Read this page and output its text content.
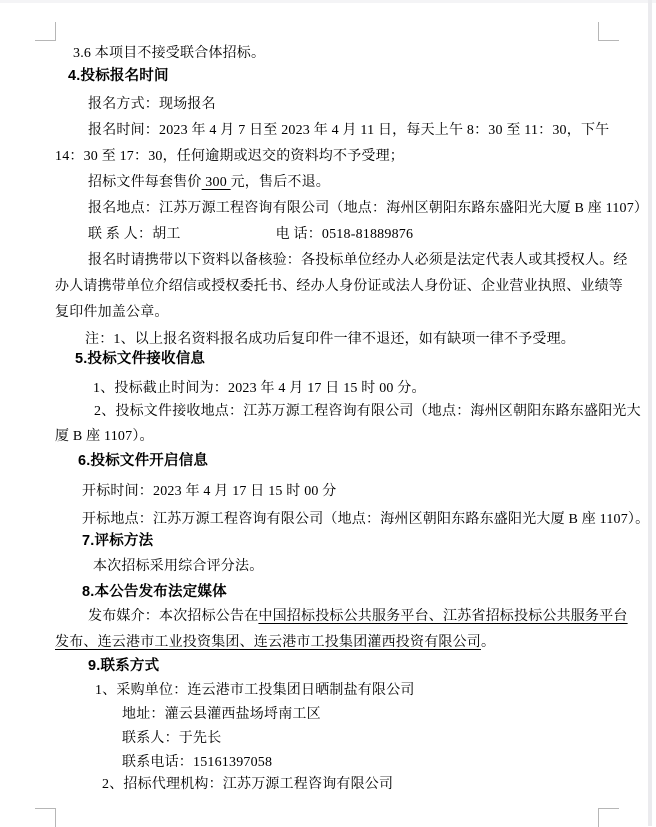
3.6 本项目不接受联合体招标。
4.投标报名时间
报名方式：现场报名
报名时间：2023 年 4 月 7 日至 2023 年 4 月 11 日，每天上午 8：30 至 11：30，下午
14：30 至 17：30，任何逾期或迟交的资料均不予受理；
招标文件每套售价 300 元，售后不退。
报名地点：江苏万源工程咨询有限公司（地点：海州区朝阳东路东盛阳光大厦 B 座 1107）
联 系 人：胡工	电 话：0518-81889876
报名时请携带以下资料以备核验：各投标单位经办人必须是法定代表人或其授权人。经
办人请携带单位介绍信或授权委托书、经办人身份证或法人身份证、企业营业执照、业绩等
复印件加盖公章。
注：1、以上报名资料报名成功后复印件一律不退还，如有缺项一律不予受理。
5.投标文件接收信息
1、投标截止时间为：2023 年 4 月 17 日 15 时 00 分。
2、投标文件接收地点：江苏万源工程咨询有限公司（地点：海州区朝阳东路东盛阳光大
厦 B 座 1107）。
6.投标文件开启信息
开标时间：2023 年 4 月 17 日 15 时 00 分
开标地点：江苏万源工程咨询有限公司（地点：海州区朝阳东路东盛阳光大厦 B 座 1107）。
7.评标方法
本次招标采用综合评分法。
8.本公告发布法定媒体
发布媒介：本次招标公告在中国招标投标公共服务平台、江苏省招标投标公共服务平台
发布、连云港市工业投资集团、连云港市工投集团灌西投资有限公司。
9.联系方式
1、采购单位：连云港市工投集团日晒制盐有限公司
地址：灌云县灌西盐场埒南工区
联系人：于先长
联系电话：15161397058
2、招标代理机构：江苏万源工程咨询有限公司
